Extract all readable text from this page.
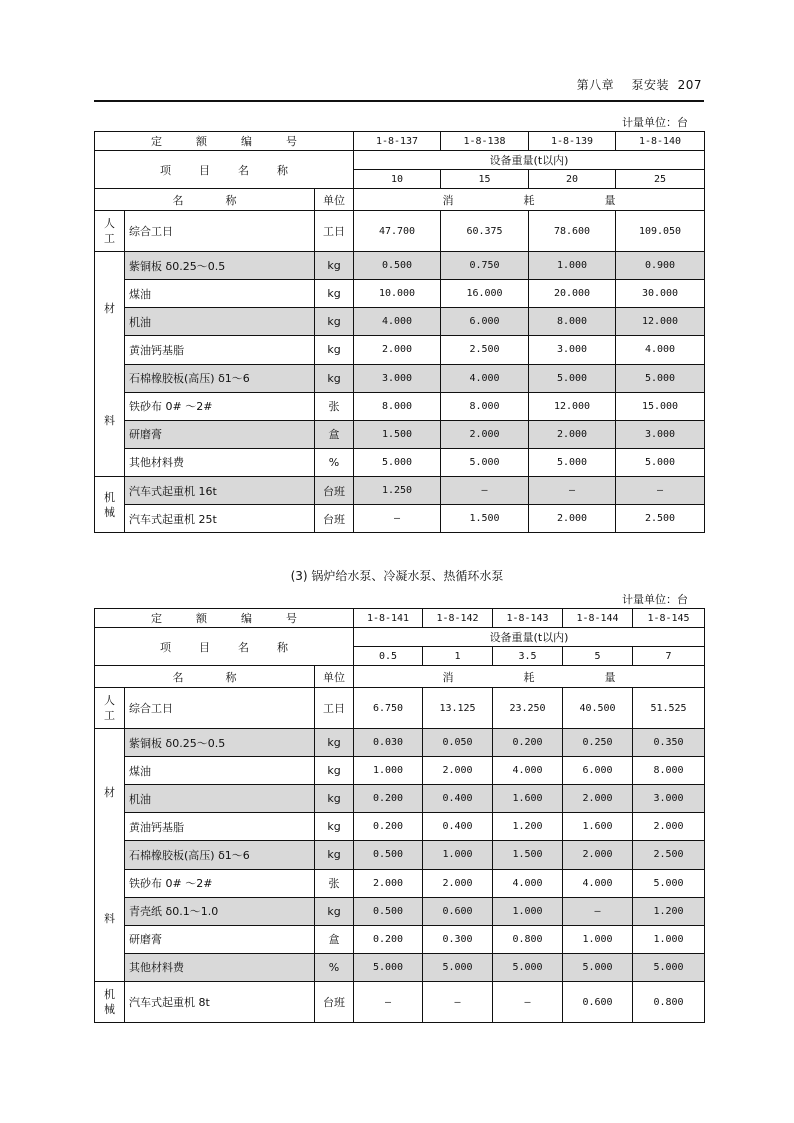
第八章 泵安装 207
计量单位：台
定 额 编 号			1-8-137	1-8-138	1-8-139	1-8-140

项 目 名 称			设备重量(t以内)			
			10	15	20	25

名 称		单位	消 耗 量			

人
工	综合工日	工日	47.700	60.375	78.600	109.050

材
料	紫铜板 δ0.25～0.5	kg	0.500	0.750	1.000	0.900
	煤油	kg	10.000	16.000	20.000	30.000
	机油	kg	4.000	6.000	8.000	12.000
	黄油钙基脂	kg	2.000	2.500	3.000	4.000
	石棉橡胶板(高压) δ1～6	kg	3.000	4.000	5.000	5.000
	铁砂布 0# ～2#	张	8.000	8.000	12.000	15.000
	研磨膏	盒	1.500	2.000	2.000	3.000
	其他材料费	%	5.000	5.000	5.000	5.000
机
械	汽车式起重机 16t	台班	1.250	—	—	—
	汽车式起重机 25t	台班	—	1.500	2.000	2.500
(3) 锅炉给水泵、冷凝水泵、热循环水泵
计量单位：台
定 额 编 号			1-8-141	1-8-142	1-8-143	1-8-144	1-8-145

项 目 名 称			设备重量(t以内)				
			0.5	1	3.5	5	7

名 称		单位	消 耗 量				

人
工	综合工日	工日	6.750	13.125	23.250	40.500	51.525

材
料	紫铜板 δ0.25～0.5	kg	0.030	0.050	0.200	0.250	0.350
	煤油	kg	1.000	2.000	4.000	6.000	8.000
	机油	kg	0.200	0.400	1.600	2.000	3.000
	黄油钙基脂	kg	0.200	0.400	1.200	1.600	2.000
	石棉橡胶板(高压) δ1～6	kg	0.500	1.000	1.500	2.000	2.500
	铁砂布 0# ～2#	张	2.000	2.000	4.000	4.000	5.000
	青壳纸 δ0.1～1.0	kg	0.500	0.600	1.000	—	1.200
	研磨膏	盒	0.200	0.300	0.800	1.000	1.000
	其他材料费	%	5.000	5.000	5.000	5.000	5.000
机
械	汽车式起重机 8t	台班	—	—	—	0.600	0.800
